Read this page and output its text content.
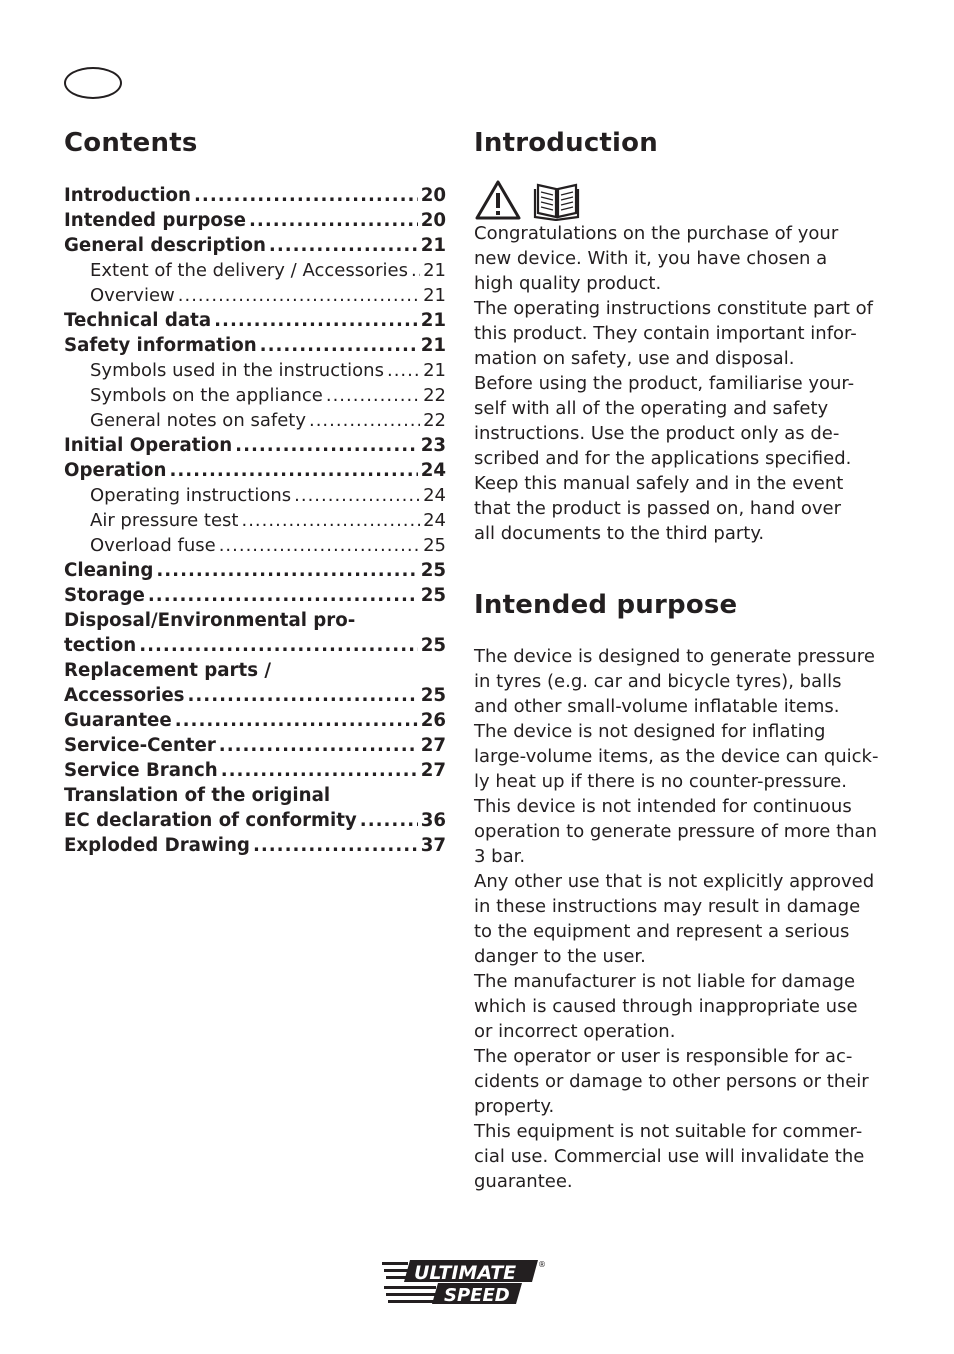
Contents
Introduction .....	20
Intended purpose .....	20
General description .....	21
Extent of the delivery / Accessories ..... 21
Overview .....	21
Technical data .....	21
Safety information .....	21
Symbols used in the instructions ..... 21
Symbols on the appliance .....	22
General notes on safety .....	22
Initial Operation .....	23
Operation .....	24
Operating instructions .....	24
Air pressure test .....	24
Overload fuse .....	25
Cleaning .....	25
Storage .....	25
Disposal/Environmental pro-
tection .....	25
Replacement parts /
Accessories .....	25
Guarantee .....	26
Service-Center .....	27
Service Branch .....	27
Translation of the original
EC declaration of conformity .....	36
Exploded Drawing .....	37
Introduction

Congratulations on the purchase of your

new device. With it, you have chosen a

high quality product.

The operating instructions constitute part of

this product. They contain important infor-

mation on safety, use and disposal.

Before using the product, familiarise your-

self with all of the operating and safety

instructions. Use the product only as de-

scribed and for the applications specified.

Keep this manual safely and in the event

that the product is passed on, hand over

all documents to the third party.

Intended purpose

The device is designed to generate pressure

in tyres (e.g. car and bicycle tyres), balls

and other small-volume inflatable items.

The device is not designed for inflating

large-volume items, as the device can quick-

ly heat up if there is no counter-pressure.

This device is not intended for continuous

operation to generate pressure of more than

3 bar.

Any other use that is not explicitly approved

in these instructions may result in damage

to the equipment and represent a serious

danger to the user.

The manufacturer is not liable for damage

which is caused through inappropriate use

or incorrect operation.

The operator or user is responsible for ac-

cidents or damage to other persons or their

property.

This equipment is not suitable for commer-

cial use. Commercial use will invalidate the

guarantee.

ULTIMATE
SPEED
®
